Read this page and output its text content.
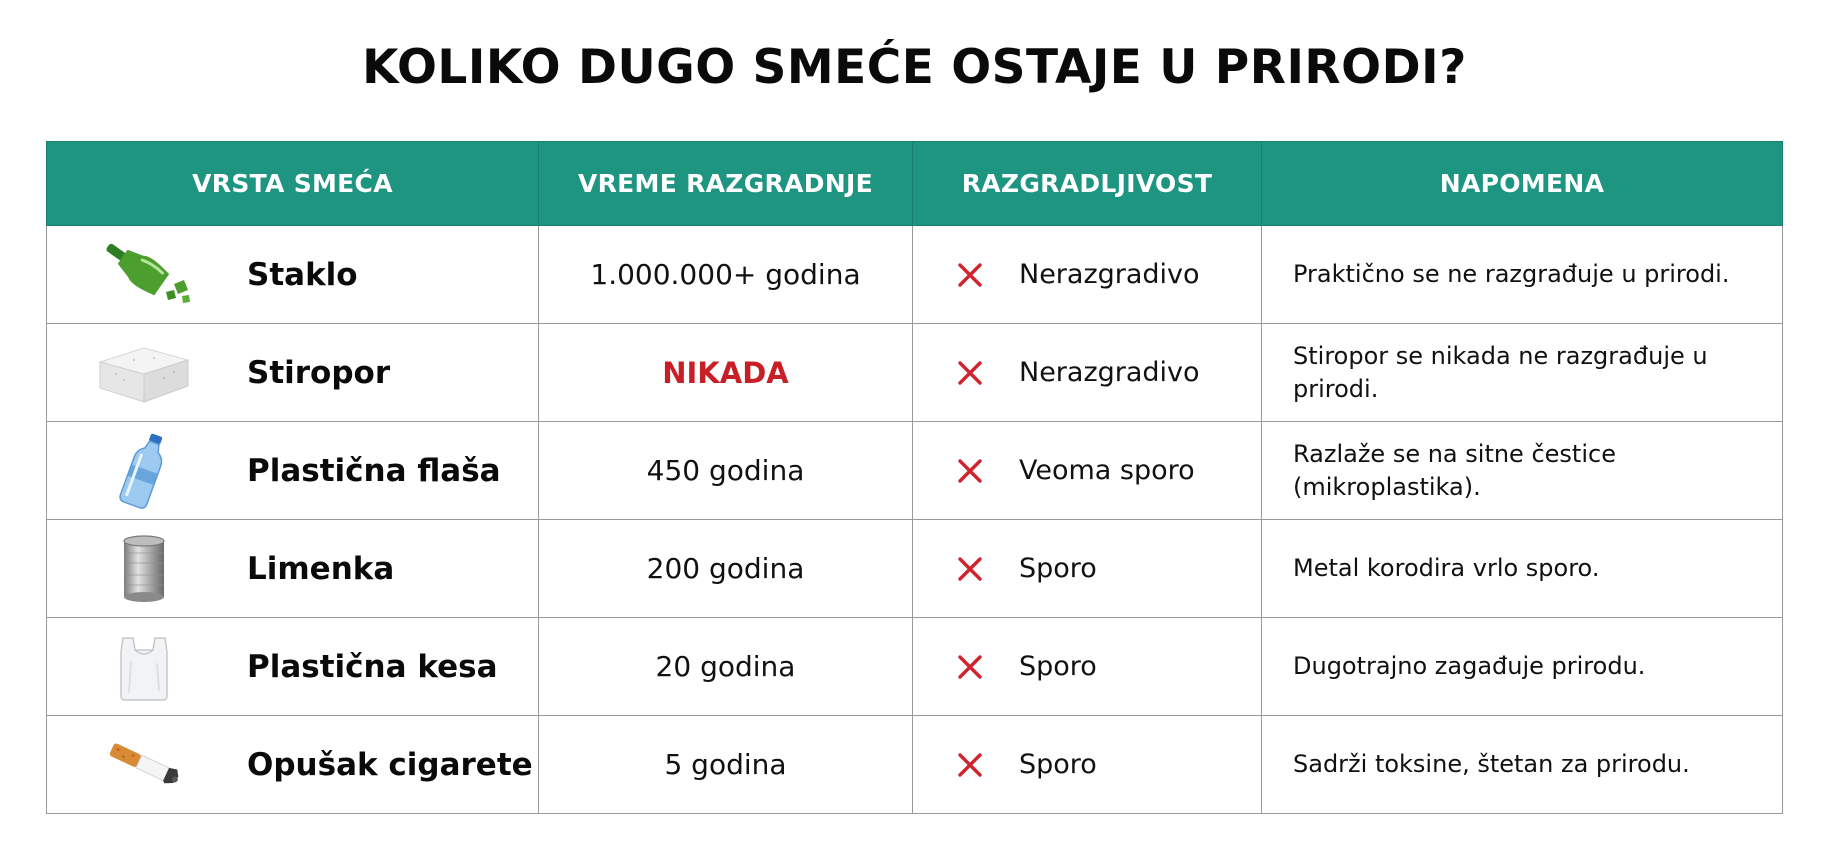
KOLIKO DUGO SMEĆE OSTAJE U PRIRODI?
VRSTA SMEĆA	VREME RAZGRADNJE	RAZGRADLJIVOST	NAPOMENA

Staklo	1.000.000+ godina	Nerazgradivo	Praktično se ne razgrađuje u prirodi.

Stiropor	NIKADA	Nerazgradivo	Stiropor se nikada ne razgrađuje u prirodi.

Plastična flaša	450 godina	Veoma sporo	Razlaže se na sitne čestice (mikroplastika).

Limenka	200 godina	Sporo	Metal korodira vrlo sporo.

Plastična kesa	20 godina	Sporo	Dugotrajno zagađuje prirodu.

Opušak cigarete	5 godina	Sporo	Sadrži toksine, štetan za prirodu.
